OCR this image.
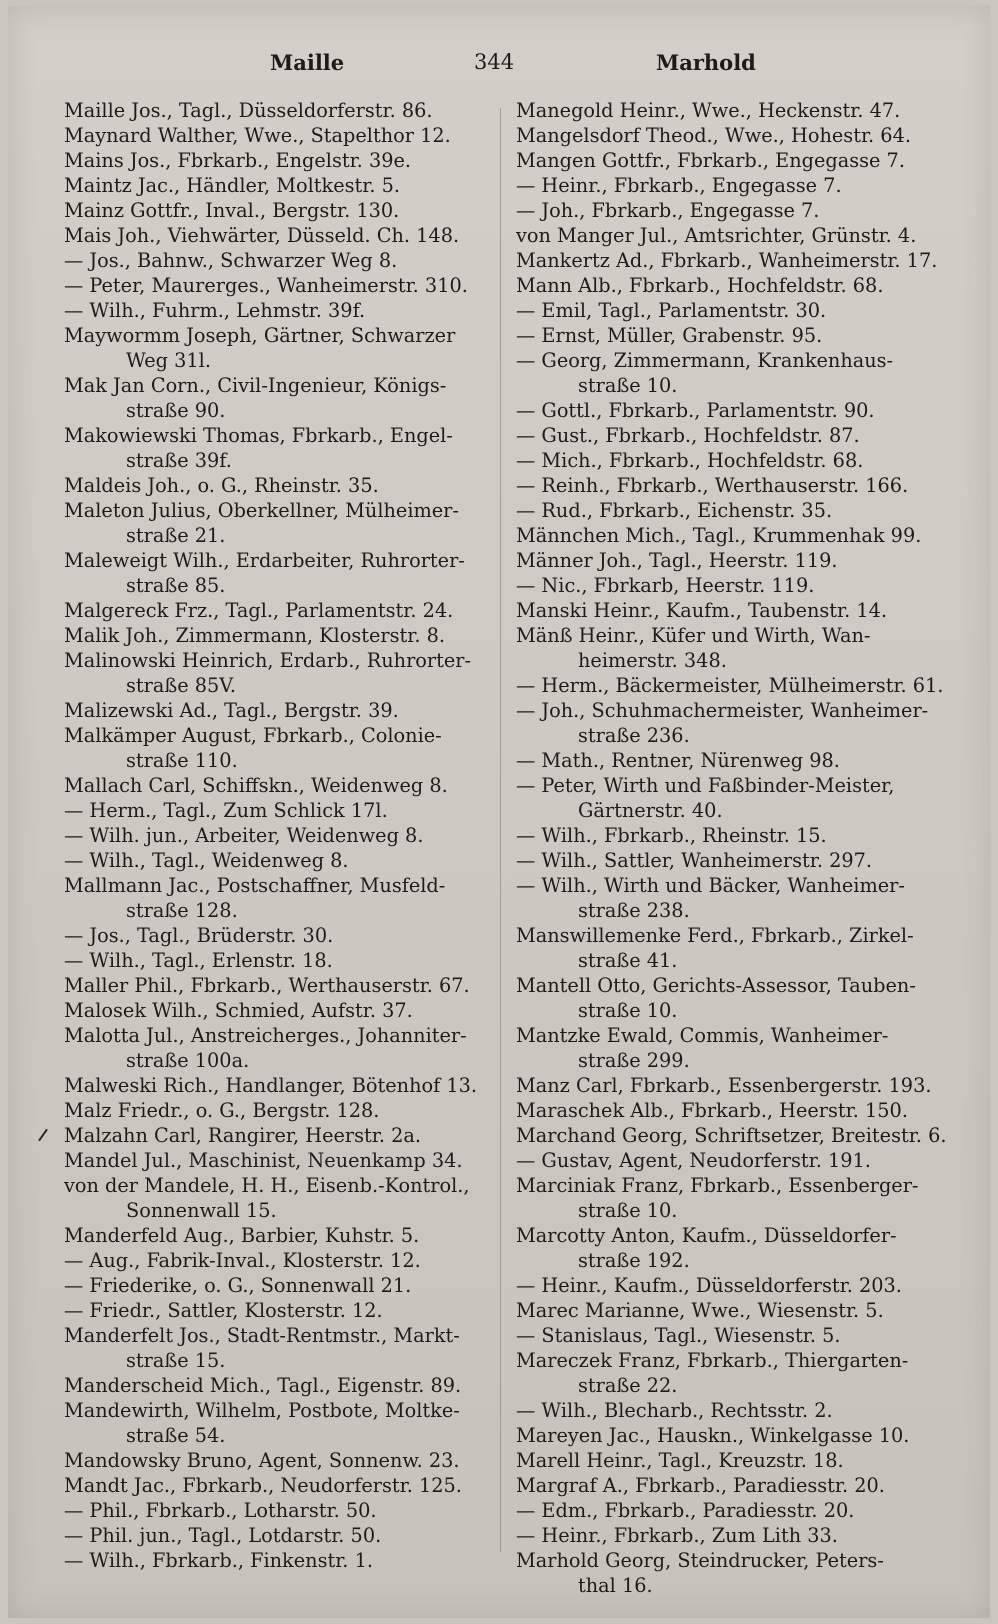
Maille	344	Marhold
Maille Jos., Tagl., Düsseldorferstr. 86.
Maynard Walther, Wwe., Stapelthor 12.
Mains Jos., Fbrkarb., Engelstr. 39e.
Maintz Jac., Händler, Moltkestr. 5.
Mainz Gottfr., Inval., Bergstr. 130.
Mais Joh., Viehwärter, Düsseld. Ch. 148.
— Jos., Bahnw., Schwarzer Weg 8.
— Peter, Maurerges., Wanheimerstr. 310.
— Wilh., Fuhrm., Lehmstr. 39f.
Maywormm Joseph, Gärtner, Schwarzer
Weg 31l.
Mak Jan Corn., Civil-Ingenieur, Königs-
straße 90.
Makowiewski Thomas, Fbrkarb., Engel-
straße 39f.
Maldeis Joh., o. G., Rheinstr. 35.
Maleton Julius, Oberkellner, Mülheimer-
straße 21.
Maleweigt Wilh., Erdarbeiter, Ruhrorter-
straße 85.
Malgereck Frz., Tagl., Parlamentstr. 24.
Malik Joh., Zimmermann, Klosterstr. 8.
Malinowski Heinrich, Erdarb., Ruhrorter-
straße 85V.
Malizewski Ad., Tagl., Bergstr. 39.
Malkämper August, Fbrkarb., Colonie-
straße 110.
Mallach Carl, Schiffskn., Weidenweg 8.
— Herm., Tagl., Zum Schlick 17l.
— Wilh. jun., Arbeiter, Weidenweg 8.
— Wilh., Tagl., Weidenweg 8.
Mallmann Jac., Postschaffner, Musfeld-
straße 128.
— Jos., Tagl., Brüderstr. 30.
— Wilh., Tagl., Erlenstr. 18.
Maller Phil., Fbrkarb., Werthauserstr. 67.
Malosek Wilh., Schmied, Aufstr. 37.
Malotta Jul., Anstreicherges., Johanniter-
straße 100a.
Malweski Rich., Handlanger, Bötenhof 13.
Malz Friedr., o. G., Bergstr. 128.
Malzahn Carl, Rangirer, Heerstr. 2a.
Mandel Jul., Maschinist, Neuenkamp 34.
von der Mandele, H. H., Eisenb.-Kontrol.,
Sonnenwall 15.
Manderfeld Aug., Barbier, Kuhstr. 5.
— Aug., Fabrik-Inval., Klosterstr. 12.
— Friederike, o. G., Sonnenwall 21.
— Friedr., Sattler, Klosterstr. 12.
Manderfelt Jos., Stadt-Rentmstr., Markt-
straße 15.
Manderscheid Mich., Tagl., Eigenstr. 89.
Mandewirth, Wilhelm, Postbote, Moltke-
straße 54.
Mandowsky Bruno, Agent, Sonnenw. 23.
Mandt Jac., Fbrkarb., Neudorferstr. 125.
— Phil., Fbrkarb., Lotharstr. 50.
— Phil. jun., Tagl., Lotdarstr. 50.
— Wilh., Fbrkarb., Finkenstr. 1.
Manegold Heinr., Wwe., Heckenstr. 47.
Mangelsdorf Theod., Wwe., Hohestr. 64.
Mangen Gottfr., Fbrkarb., Engegasse 7.
— Heinr., Fbrkarb., Engegasse 7.
— Joh., Fbrkarb., Engegasse 7.
von Manger Jul., Amtsrichter, Grünstr. 4.
Mankertz Ad., Fbrkarb., Wanheimerstr. 17.
Mann Alb., Fbrkarb., Hochfeldstr. 68.
— Emil, Tagl., Parlamentstr. 30.
— Ernst, Müller, Grabenstr. 95.
— Georg, Zimmermann, Krankenhaus-
straße 10.
— Gottl., Fbrkarb., Parlamentstr. 90.
— Gust., Fbrkarb., Hochfeldstr. 87.
— Mich., Fbrkarb., Hochfeldstr. 68.
— Reinh., Fbrkarb., Werthauserstr. 166.
— Rud., Fbrkarb., Eichenstr. 35.
Männchen Mich., Tagl., Krummenhak 99.
Männer Joh., Tagl., Heerstr. 119.
— Nic., Fbrkarb, Heerstr. 119.
Manski Heinr., Kaufm., Taubenstr. 14.
Mänß Heinr., Küfer und Wirth, Wan-
heimerstr. 348.
— Herm., Bäckermeister, Mülheimerstr. 61.
— Joh., Schuhmachermeister, Wanheimer-
straße 236.
— Math., Rentner, Nürenweg 98.
— Peter, Wirth und Faßbinder-Meister,
Gärtnerstr. 40.
— Wilh., Fbrkarb., Rheinstr. 15.
— Wilh., Sattler, Wanheimerstr. 297.
— Wilh., Wirth und Bäcker, Wanheimer-
straße 238.
Manswillemenke Ferd., Fbrkarb., Zirkel-
straße 41.
Mantell Otto, Gerichts-Assessor, Tauben-
straße 10.
Mantzke Ewald, Commis, Wanheimer-
straße 299.
Manz Carl, Fbrkarb., Essenbergerstr. 193.
Maraschek Alb., Fbrkarb., Heerstr. 150.
Marchand Georg, Schriftsetzer, Breitestr. 6.
— Gustav, Agent, Neudorferstr. 191.
Marciniak Franz, Fbrkarb., Essenberger-
straße 10.
Marcotty Anton, Kaufm., Düsseldorfer-
straße 192.
— Heinr., Kaufm., Düsseldorferstr. 203.
Marec Marianne, Wwe., Wiesenstr. 5.
— Stanislaus, Tagl., Wiesenstr. 5.
Mareczek Franz, Fbrkarb., Thiergarten-
straße 22.
— Wilh., Blecharb., Rechtsstr. 2.
Mareyen Jac., Hauskn., Winkelgasse 10.
Marell Heinr., Tagl., Kreuzstr. 18.
Margraf A., Fbrkarb., Paradiesstr. 20.
— Edm., Fbrkarb., Paradiesstr. 20.
— Heinr., Fbrkarb., Zum Lith 33.
Marhold Georg, Steindrucker, Peters-
thal 16.
